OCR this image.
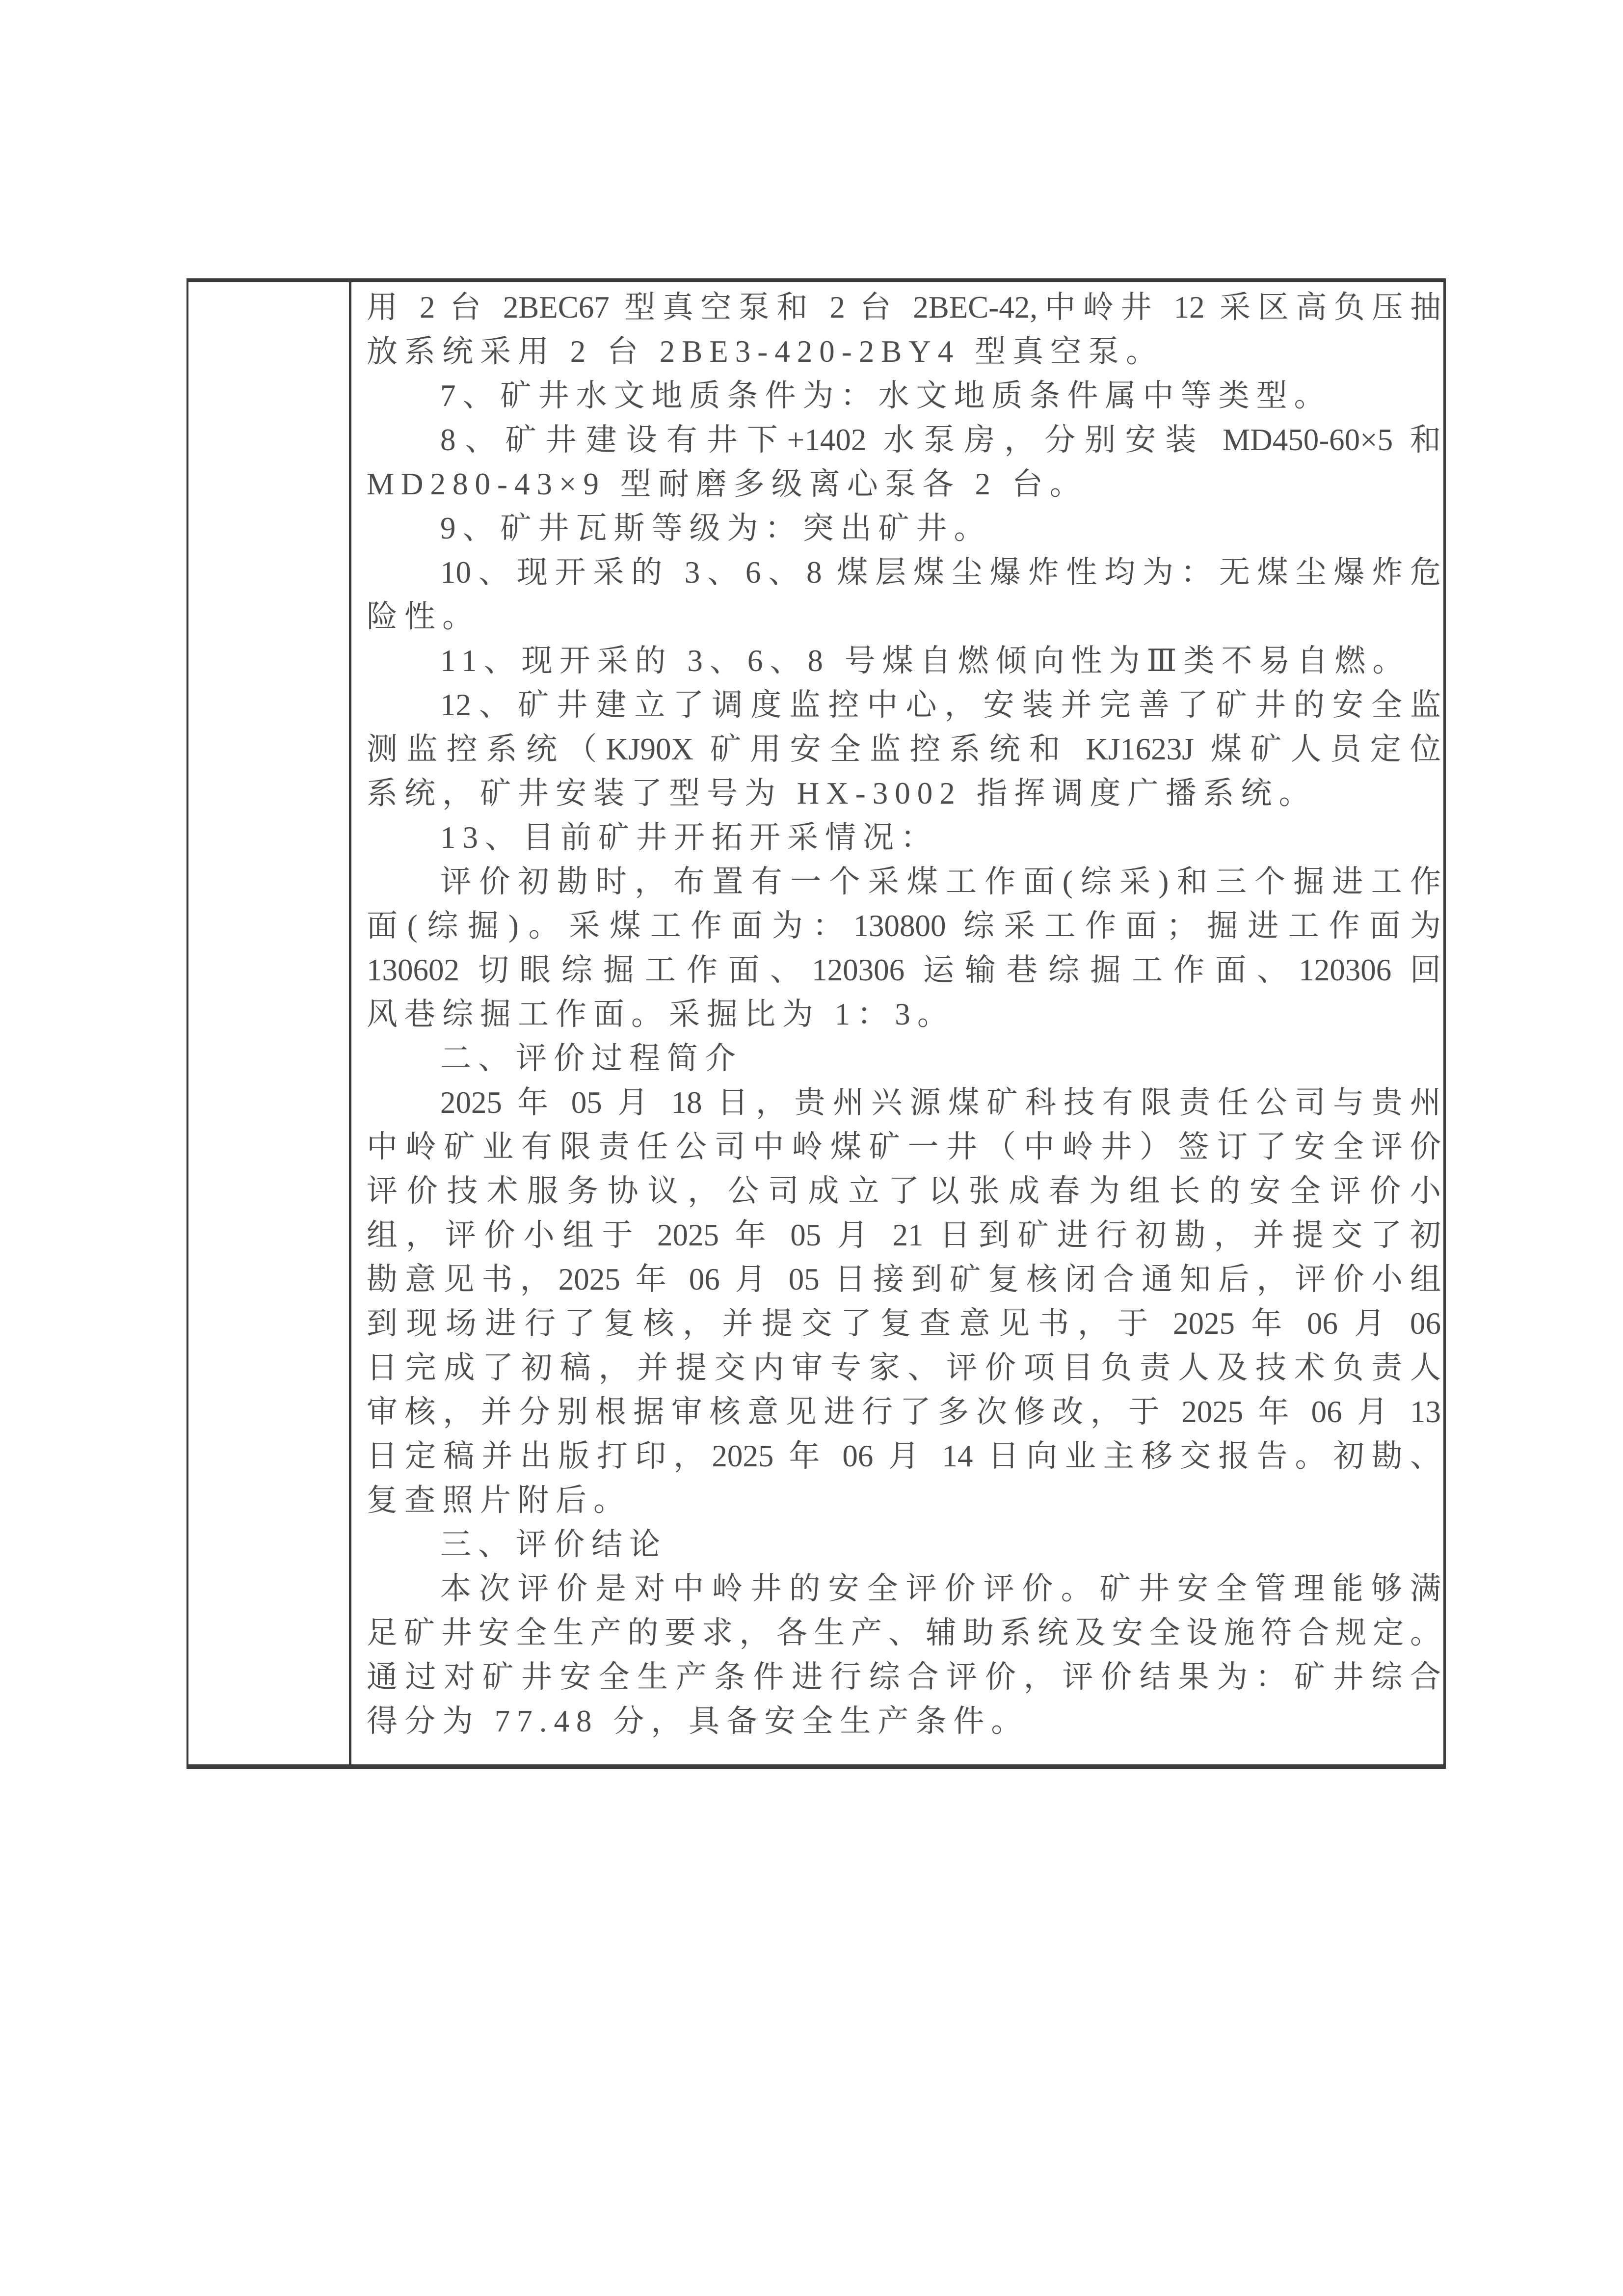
用 2 台 2BEC67 型真空泵和 2 台 2BEC-42,中岭井 12 采区高负压抽
放系统采用 2 台 2BE3-420-2BY4 型真空泵。
7、矿井水文地质条件为：水文地质条件属中等类型。
8、矿井建设有井下+1402 水泵房，分别安装 MD450-60×5 和
MD280-43×9 型耐磨多级离心泵各 2 台。
9、矿井瓦斯等级为：突出矿井。
10、现开采的 3、6、8 煤层煤尘爆炸性均为：无煤尘爆炸危
险性。
11、现开采的 3、6、8 号煤自燃倾向性为Ⅲ类不易自燃。
12、矿井建立了调度监控中心，安装并完善了矿井的安全监
测监控系统（KJ90X 矿用安全监控系统和 KJ1623J 煤矿人员定位
系统，矿井安装了型号为 HX-3002 指挥调度广播系统。
13、目前矿井开拓开采情况：
评价初勘时，布置有一个采煤工作面(综采)和三个掘进工作
面(综掘)。采煤工作面为：130800 综采工作面；掘进工作面为
130602 切眼综掘工作面、120306 运输巷综掘工作面、120306 回
风巷综掘工作面。采掘比为 1：3。
二、评价过程简介
2025 年 05 月 18 日，贵州兴源煤矿科技有限责任公司与贵州
中岭矿业有限责任公司中岭煤矿一井（中岭井）签订了安全评价
评价技术服务协议，公司成立了以张成春为组长的安全评价小
组，评价小组于 2025 年 05 月 21 日到矿进行初勘，并提交了初
勘意见书，2025 年 06 月 05 日接到矿复核闭合通知后，评价小组
到现场进行了复核，并提交了复查意见书，于 2025 年 06 月 06
日完成了初稿，并提交内审专家、评价项目负责人及技术负责人
审核，并分别根据审核意见进行了多次修改，于 2025 年 06 月 13
日定稿并出版打印，2025 年 06 月 14 日向业主移交报告。初勘、
复查照片附后。
三、评价结论
本次评价是对中岭井的安全评价评价。矿井安全管理能够满
足矿井安全生产的要求，各生产、辅助系统及安全设施符合规定。
通过对矿井安全生产条件进行综合评价，评价结果为：矿井综合
得分为 77.48 分，具备安全生产条件。
